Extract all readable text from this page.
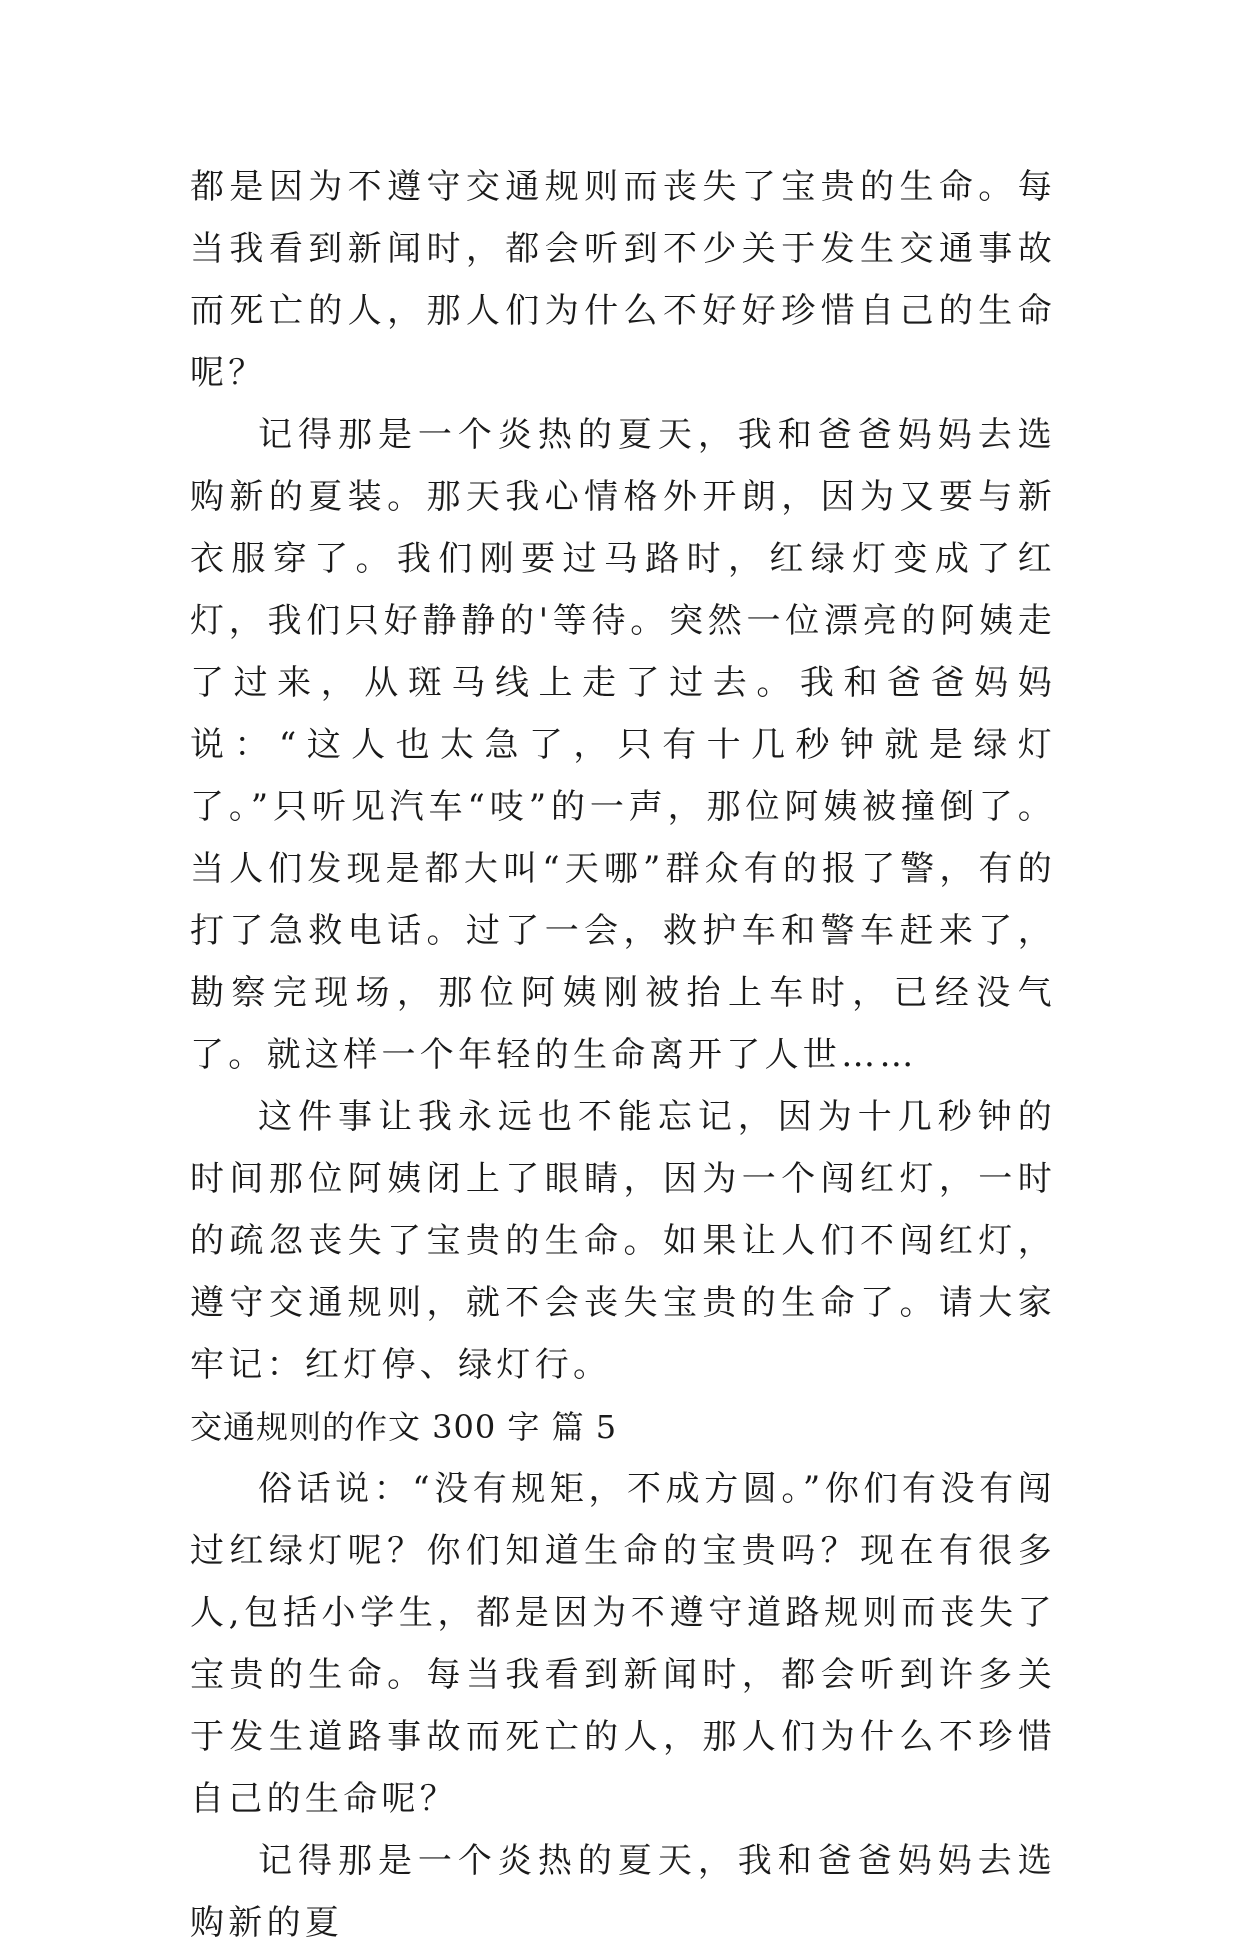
都是因为不遵守交通规则而丧失了宝贵的生命。每当我看到新闻时，都会听到不少关于发生交通事故而死亡的人，那人们为什么不好好珍惜自己的生命呢？

记得那是一个炎热的夏天，我和爸爸妈妈去选购新的夏装。那天我心情格外开朗，因为又要与新衣服穿了。我们刚要过马路时，红绿灯变成了红灯，我们只好静静的'等待。突然一位漂亮的阿姨走了过来，从斑马线上走了过去。我和爸爸妈妈说：“这人也太急了，只有十几秒钟就是绿灯了。”只听见汽车“吱”的一声，那位阿姨被撞倒了。当人们发现是都大叫“天哪”群众有的报了警，有的打了急救电话。过了一会，救护车和警车赶来了，勘察完现场，那位阿姨刚被抬上车时，已经没气了。就这样一个年轻的生命离开了人世……

这件事让我永远也不能忘记，因为十几秒钟的时间那位阿姨闭上了眼睛，因为一个闯红灯，一时的疏忽丧失了宝贵的生命。如果让人们不闯红灯，遵守交通规则，就不会丧失宝贵的生命了。请大家牢记：红灯停、绿灯行。

交通规则的作文 300 字 篇 5

俗话说：“没有规矩，不成方圆。”你们有没有闯过红绿灯呢？你们知道生命的宝贵吗？现在有很多人,包括小学生，都是因为不遵守道路规则而丧失了宝贵的生命。每当我看到新闻时，都会听到许多关于发生道路事故而死亡的人，那人们为什么不珍惜自己的生命呢？

记得那是一个炎热的夏天，我和爸爸妈妈去选购新的夏
